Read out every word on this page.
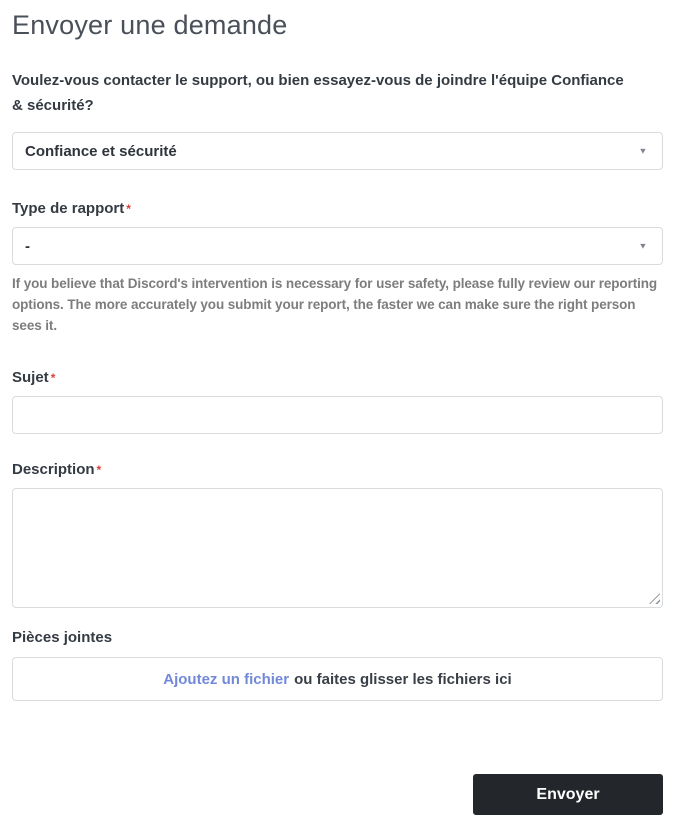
Envoyer une demande
Voulez-vous contacter le support, ou bien essayez-vous de joindre l'équipe Confiance & sécurité?
Confiance et sécurité	▼
Type de rapport *
-	▼

If you believe that Discord's intervention is necessary for user safety, please fully review our reporting options. The more accurately you submit your report, the faster we can make sure the right person sees it.

Sujet *
Description *
Pièces jointes
Ajoutez un fichier ou faites glisser les fichiers ici
Envoyer
